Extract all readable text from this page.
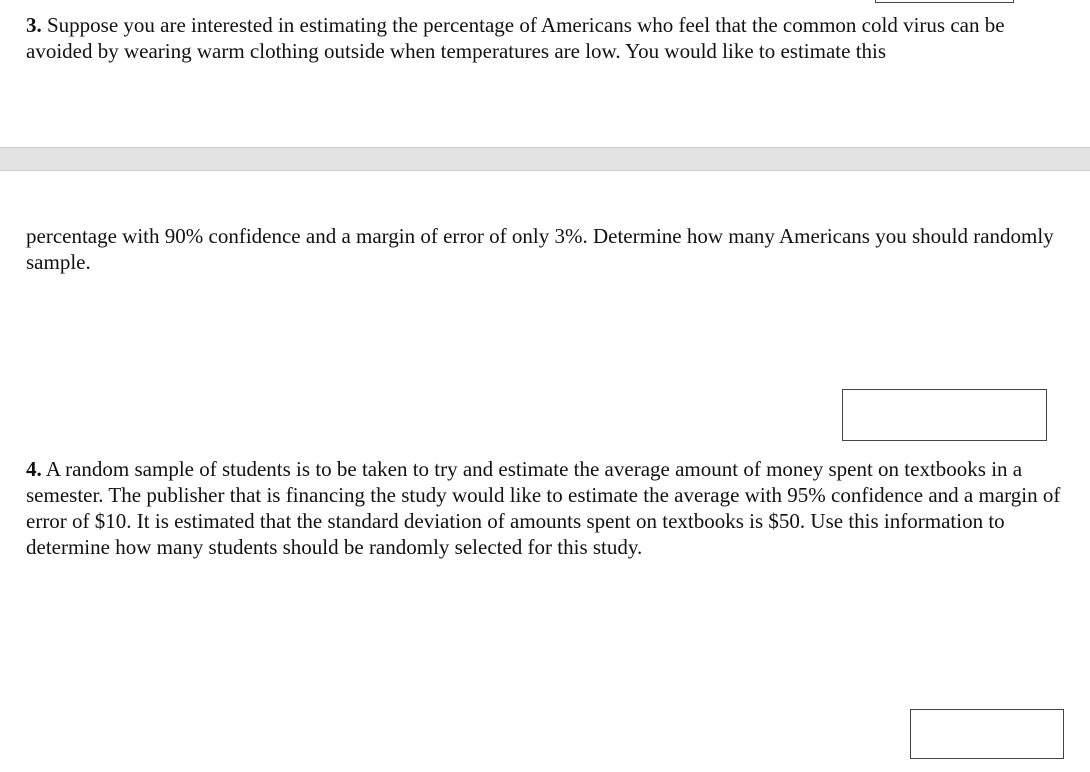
3. Suppose you are interested in estimating the percentage of Americans who feel that the common cold virus can be avoided by wearing warm clothing outside when temperatures are low. You would like to estimate this

percentage with 90% confidence and a margin of error of only 3%. Determine how many Americans you should randomly sample.

4. A random sample of students is to be taken to try and estimate the average amount of money spent on textbooks in a semester. The publisher that is financing the study would like to estimate the average with 95% confidence and a margin of error of $10. It is estimated that the standard deviation of amounts spent on textbooks is $50. Use this information to determine how many students should be randomly selected for this study.
